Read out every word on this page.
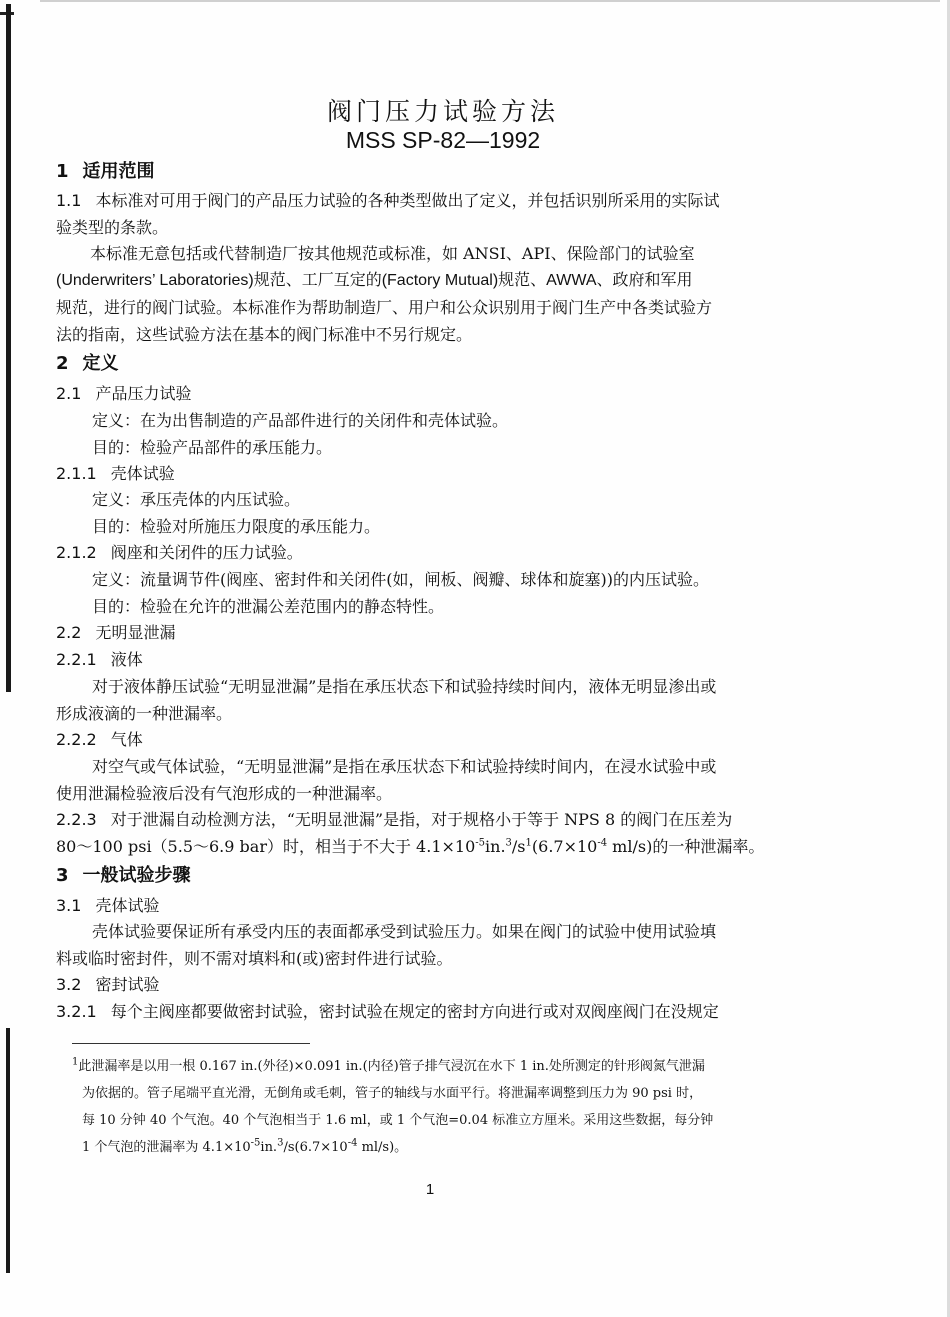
阀门压力试验方法
MSS SP-82—1992
1 适用范围
1.1 本标准对可用于阀门的产品压力试验的各种类型做出了定义，并包括识别所采用的实际试
验类型的条款。
本标准无意包括或代替制造厂按其他规范或标准，如 ANSI、API、保险部门的试验室
(Underwriters’ Laboratories)规范、工厂互定的(Factory Mutual)规范、AWWA、政府和军用
规范，进行的阀门试验。本标准作为帮助制造厂、用户和公众识别用于阀门生产中各类试验方
法的指南，这些试验方法在基本的阀门标准中不另行规定。
2 定义
2.1 产品压力试验
定义：在为出售制造的产品部件进行的关闭件和壳体试验。
目的：检验产品部件的承压能力。
2.1.1 壳体试验
定义：承压壳体的内压试验。
目的：检验对所施压力限度的承压能力。
2.1.2 阀座和关闭件的压力试验。
定义：流量调节件(阀座、密封件和关闭件(如，闸板、阀瓣、球体和旋塞))的内压试验。
目的：检验在允许的泄漏公差范围内的静态特性。
2.2 无明显泄漏
2.2.1 液体
对于液体静压试验“无明显泄漏”是指在承压状态下和试验持续时间内，液体无明显渗出或
形成液滴的一种泄漏率。
2.2.2 气体
对空气或气体试验，“无明显泄漏”是指在承压状态下和试验持续时间内，在浸水试验中或
使用泄漏检验液后没有气泡形成的一种泄漏率。
2.2.3 对于泄漏自动检测方法，“无明显泄漏”是指，对于规格小于等于 NPS 8 的阀门在压差为
80～100 psi（5.5～6.9 bar）时，相当于不大于 $4.1\times 10^{-5}in.^3/s^1(6.7\times 10^{-4}$ ml/s)的一种泄漏率。
3 一般试验步骤
3.1 壳体试验
壳体试验要保证所有承受内压的表面都承受到试验压力。如果在阀门的试验中使用试验填
料或临时密封件，则不需对填料和(或)密封件进行试验。
3.2 密封试验
3.2.1 每个主阀座都要做密封试验，密封试验在规定的密封方向进行或对双阀座阀门在没规定
$^1$此泄漏率是以用一根 0.167 in.(外径)×0.091 in.(内径)管子排气浸沉在水下 1 in.处所测定的针形阀氮气泄漏
为依据的。管子尾端平直光滑，无倒角或毛刺，管子的轴线与水面平行。将泄漏率调整到压力为 90 psi 时，
每 10 分钟 40 个气泡。40 个气泡相当于 1.6 ml，或 1 个气泡=0.04 标准立方厘米。采用这些数据，每分钟
1 个气泡的泄漏率为 $4.1\times 10^{-5}in.^3/s(6.7\times 10^{-4}$ ml/s)。
1
